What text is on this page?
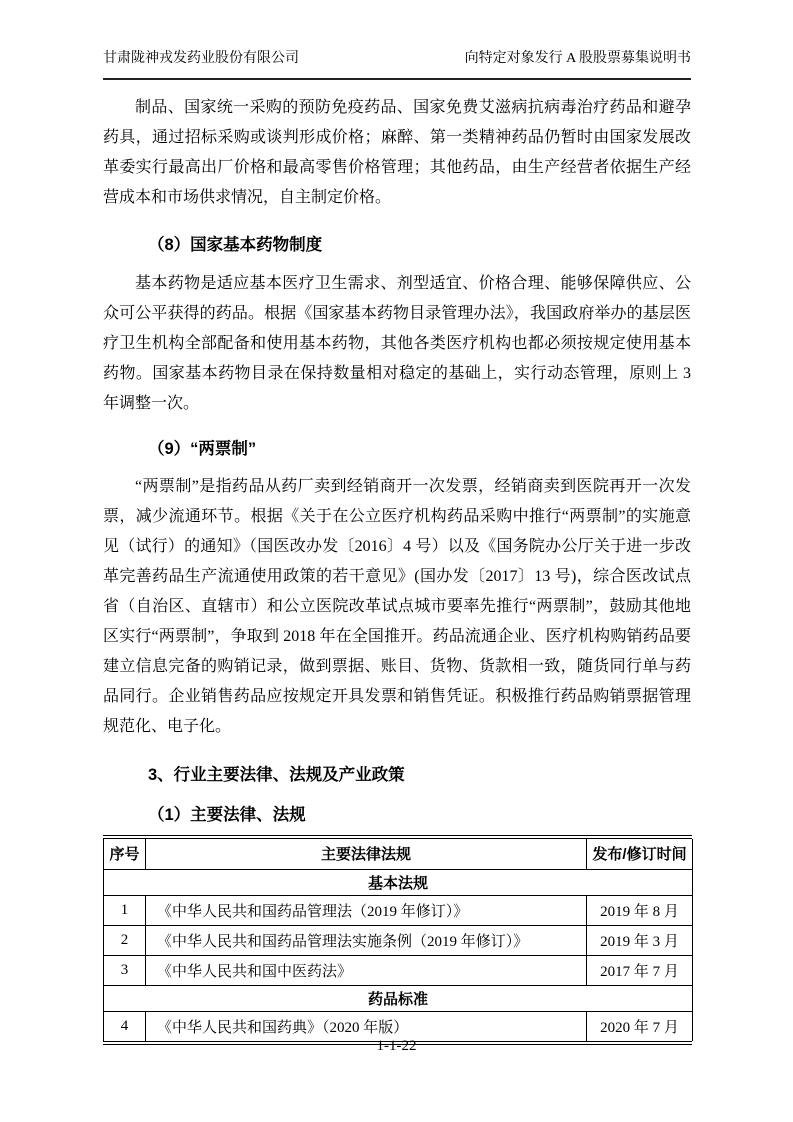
甘肃陇神戎发药业股份有限公司	向特定对象发行 A 股股票募集说明书

制品、国家统一采购的预防免疫药品、国家免费艾滋病抗病毒治疗药品和避孕药具，通过招标采购或谈判形成价格；麻醉、第一类精神药品仍暂时由国家发展改革委实行最高出厂价格和最高零售价格管理；其他药品，由生产经营者依据生产经营成本和市场供求情况，自主制定价格。

（8）国家基本药物制度

基本药物是适应基本医疗卫生需求、剂型适宜、价格合理、能够保障供应、公众可公平获得的药品。根据《国家基本药物目录管理办法》，我国政府举办的基层医疗卫生机构全部配备和使用基本药物，其他各类医疗机构也都必须按规定使用基本药物。国家基本药物目录在保持数量相对稳定的基础上，实行动态管理，原则上 3 年调整一次。

（9）“两票制”

“两票制”是指药品从药厂卖到经销商开一次发票，经销商卖到医院再开一次发票，减少流通环节。根据《关于在公立医疗机构药品采购中推行“两票制”的实施意见（试行）的通知》（国医改办发〔2016〕4 号）以及《国务院办公厅关于进一步改革完善药品生产流通使用政策的若干意见》(国办发〔2017〕13 号)，综合医改试点省（自治区、直辖市）和公立医院改革试点城市要率先推行“两票制”，鼓励其他地区实行“两票制”，争取到 2018 年在全国推开。药品流通企业、医疗机构购销药品要建立信息完备的购销记录，做到票据、账目、货物、货款相一致，随货同行单与药品同行。企业销售药品应按规定开具发票和销售凭证。积极推行药品购销票据管理规范化、电子化。

3、行业主要法律、法规及产业政策
（1）主要法律、法规
序号	主要法律法规	发布/修订时间
基本法规		
1	《中华人民共和国药品管理法（2019 年修订）》	2019 年 8 月
2	《中华人民共和国药品管理法实施条例（2019 年修订）》	2019 年 3 月
3	《中华人民共和国中医药法》	2017 年 7 月
药品标准		
4	《中华人民共和国药典》（2020 年版）	2020 年 7 月
1-1-22
